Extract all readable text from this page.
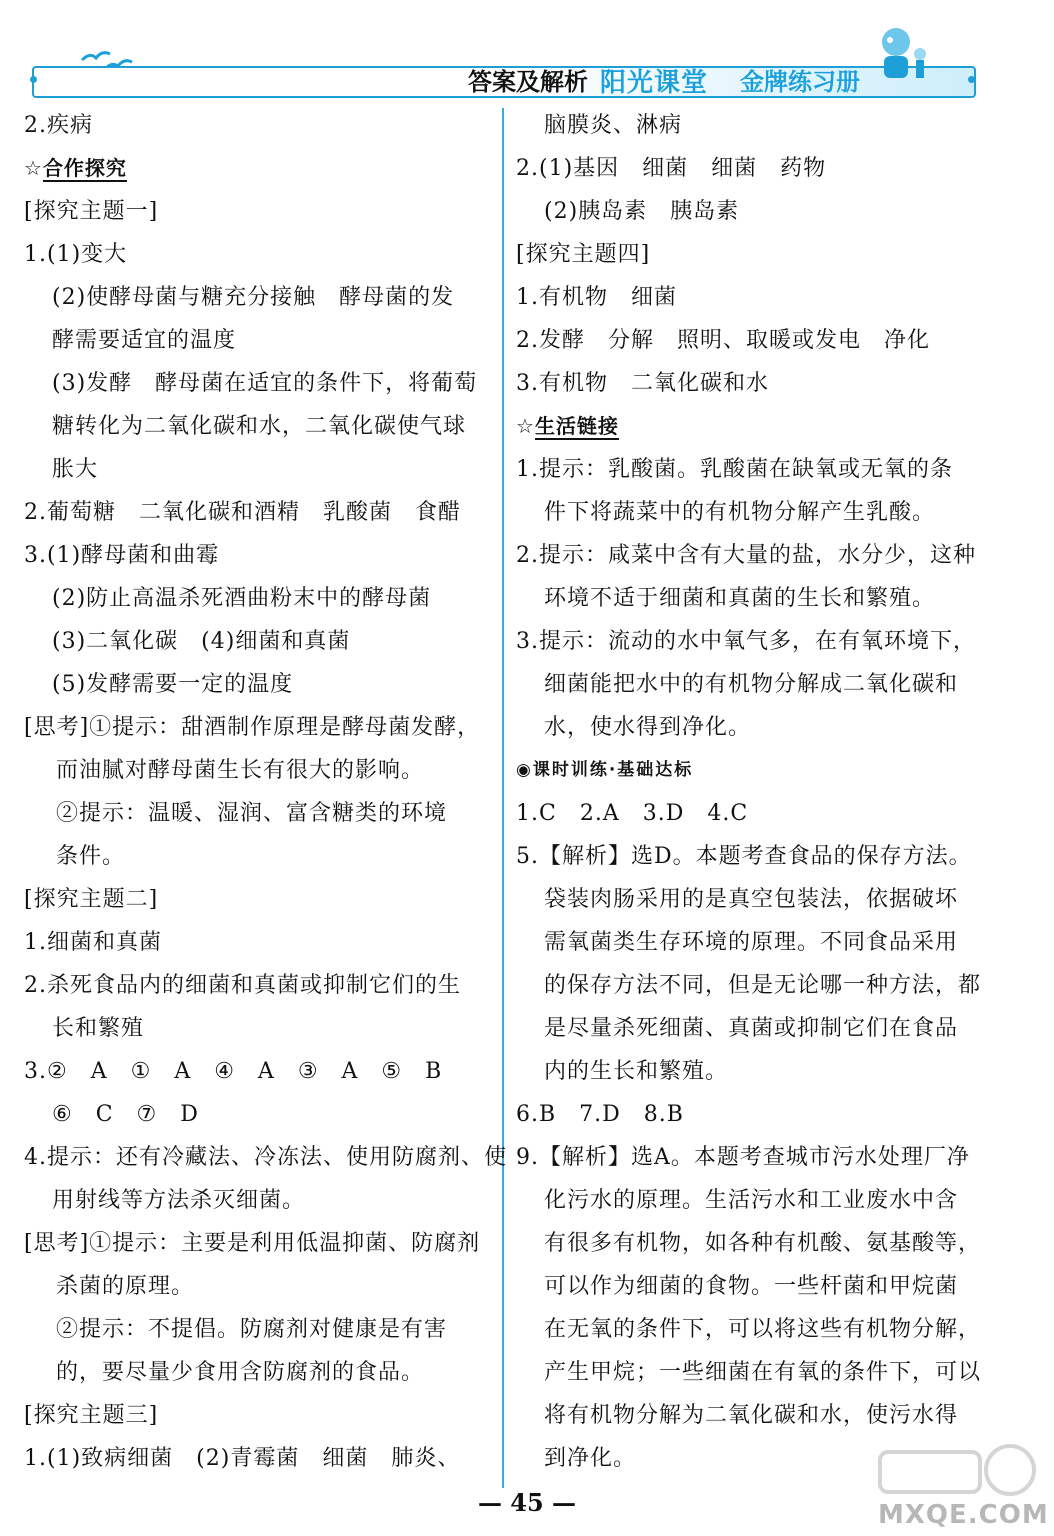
答案及解析 阳光课堂 金牌练习册
2.疾病
☆合作探究
[探究主题一]
1.(1)变大
(2)使酵母菌与糖充分接触　酵母菌的发
酵需要适宜的温度
(3)发酵　酵母菌在适宜的条件下，将葡萄
糖转化为二氧化碳和水，二氧化碳使气球
胀大
2.葡萄糖　二氧化碳和酒精　乳酸菌　食醋
3.(1)酵母菌和曲霉
(2)防止高温杀死酒曲粉末中的酵母菌
(3)二氧化碳　(4)细菌和真菌
(5)发酵需要一定的温度
[思考]①提示：甜酒制作原理是酵母菌发酵，
而油腻对酵母菌生长有很大的影响。
②提示：温暖、湿润、富含糖类的环境
条件。
[探究主题二]
1.细菌和真菌
2.杀死食品内的细菌和真菌或抑制它们的生
长和繁殖
3.②　A　①　A　④　A　③　A　⑤　B
⑥　C　⑦　D
4.提示：还有冷藏法、冷冻法、使用防腐剂、使
用射线等方法杀灭细菌。
[思考]①提示：主要是利用低温抑菌、防腐剂
杀菌的原理。
②提示：不提倡。防腐剂对健康是有害
的，要尽量少食用含防腐剂的食品。
[探究主题三]
1.(1)致病细菌　(2)青霉菌　细菌　肺炎、
脑膜炎、淋病
2.(1)基因　细菌　细菌　药物
(2)胰岛素　胰岛素
[探究主题四]
1.有机物　细菌
2.发酵　分解　照明、取暖或发电　净化
3.有机物　二氧化碳和水
☆生活链接
1.提示：乳酸菌。乳酸菌在缺氧或无氧的条
件下将蔬菜中的有机物分解产生乳酸。
2.提示：咸菜中含有大量的盐，水分少，这种
环境不适于细菌和真菌的生长和繁殖。
3.提示：流动的水中氧气多，在有氧环境下，
细菌能把水中的有机物分解成二氧化碳和
水，使水得到净化。
◉课时训练·基础达标
1.C　2.A　3.D　4.C
5.【解析】选D。本题考查食品的保存方法。
袋装肉肠采用的是真空包装法，依据破坏
需氧菌类生存环境的原理。不同食品采用
的保存方法不同，但是无论哪一种方法，都
是尽量杀死细菌、真菌或抑制它们在食品
内的生长和繁殖。
6.B　7.D　8.B
9.【解析】选A。本题考查城市污水处理厂净
化污水的原理。生活污水和工业废水中含
有很多有机物，如各种有机酸、氨基酸等，
可以作为细菌的食物。一些杆菌和甲烷菌
在无氧的条件下，可以将这些有机物分解，
产生甲烷；一些细菌在有氧的条件下，可以
将有机物分解为二氧化碳和水，使污水得
到净化。
— 45 —	MXQE.COM
